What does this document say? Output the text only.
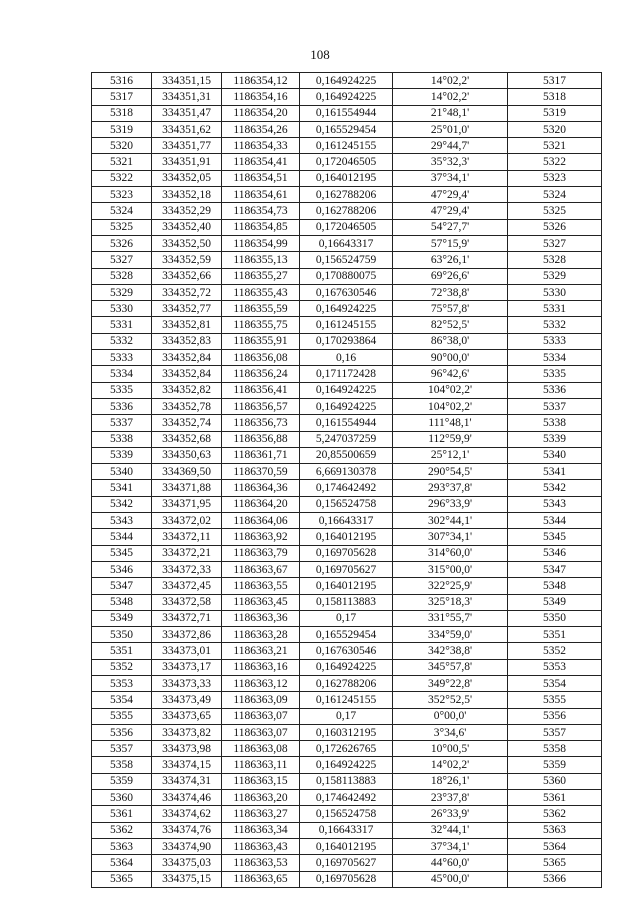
108
5316	334351,15	1186354,12	0,164924225	14°02,2'	5317
5317	334351,31	1186354,16	0,164924225	14°02,2'	5318
5318	334351,47	1186354,20	0,161554944	21°48,1'	5319
5319	334351,62	1186354,26	0,165529454	25°01,0'	5320
5320	334351,77	1186354,33	0,161245155	29°44,7'	5321
5321	334351,91	1186354,41	0,172046505	35°32,3'	5322
5322	334352,05	1186354,51	0,164012195	37°34,1'	5323
5323	334352,18	1186354,61	0,162788206	47°29,4'	5324
5324	334352,29	1186354,73	0,162788206	47°29,4'	5325
5325	334352,40	1186354,85	0,172046505	54°27,7'	5326
5326	334352,50	1186354,99	0,16643317	57°15,9'	5327
5327	334352,59	1186355,13	0,156524759	63°26,1'	5328
5328	334352,66	1186355,27	0,170880075	69°26,6'	5329
5329	334352,72	1186355,43	0,167630546	72°38,8'	5330
5330	334352,77	1186355,59	0,164924225	75°57,8'	5331
5331	334352,81	1186355,75	0,161245155	82°52,5'	5332
5332	334352,83	1186355,91	0,170293864	86°38,0'	5333
5333	334352,84	1186356,08	0,16	90°00,0'	5334
5334	334352,84	1186356,24	0,171172428	96°42,6'	5335
5335	334352,82	1186356,41	0,164924225	104°02,2'	5336
5336	334352,78	1186356,57	0,164924225	104°02,2'	5337
5337	334352,74	1186356,73	0,161554944	111°48,1'	5338
5338	334352,68	1186356,88	5,247037259	112°59,9'	5339
5339	334350,63	1186361,71	20,85500659	25°12,1'	5340
5340	334369,50	1186370,59	6,669130378	290°54,5'	5341
5341	334371,88	1186364,36	0,174642492	293°37,8'	5342
5342	334371,95	1186364,20	0,156524758	296°33,9'	5343
5343	334372,02	1186364,06	0,16643317	302°44,1'	5344
5344	334372,11	1186363,92	0,164012195	307°34,1'	5345
5345	334372,21	1186363,79	0,169705628	314°60,0'	5346
5346	334372,33	1186363,67	0,169705627	315°00,0'	5347
5347	334372,45	1186363,55	0,164012195	322°25,9'	5348
5348	334372,58	1186363,45	0,158113883	325°18,3'	5349
5349	334372,71	1186363,36	0,17	331°55,7'	5350
5350	334372,86	1186363,28	0,165529454	334°59,0'	5351
5351	334373,01	1186363,21	0,167630546	342°38,8'	5352
5352	334373,17	1186363,16	0,164924225	345°57,8'	5353
5353	334373,33	1186363,12	0,162788206	349°22,8'	5354
5354	334373,49	1186363,09	0,161245155	352°52,5'	5355
5355	334373,65	1186363,07	0,17	0°00,0'	5356
5356	334373,82	1186363,07	0,160312195	3°34,6'	5357
5357	334373,98	1186363,08	0,172626765	10°00,5'	5358
5358	334374,15	1186363,11	0,164924225	14°02,2'	5359
5359	334374,31	1186363,15	0,158113883	18°26,1'	5360
5360	334374,46	1186363,20	0,174642492	23°37,8'	5361
5361	334374,62	1186363,27	0,156524758	26°33,9'	5362
5362	334374,76	1186363,34	0,16643317	32°44,1'	5363
5363	334374,90	1186363,43	0,164012195	37°34,1'	5364
5364	334375,03	1186363,53	0,169705627	44°60,0'	5365
5365	334375,15	1186363,65	0,169705628	45°00,0'	5366
